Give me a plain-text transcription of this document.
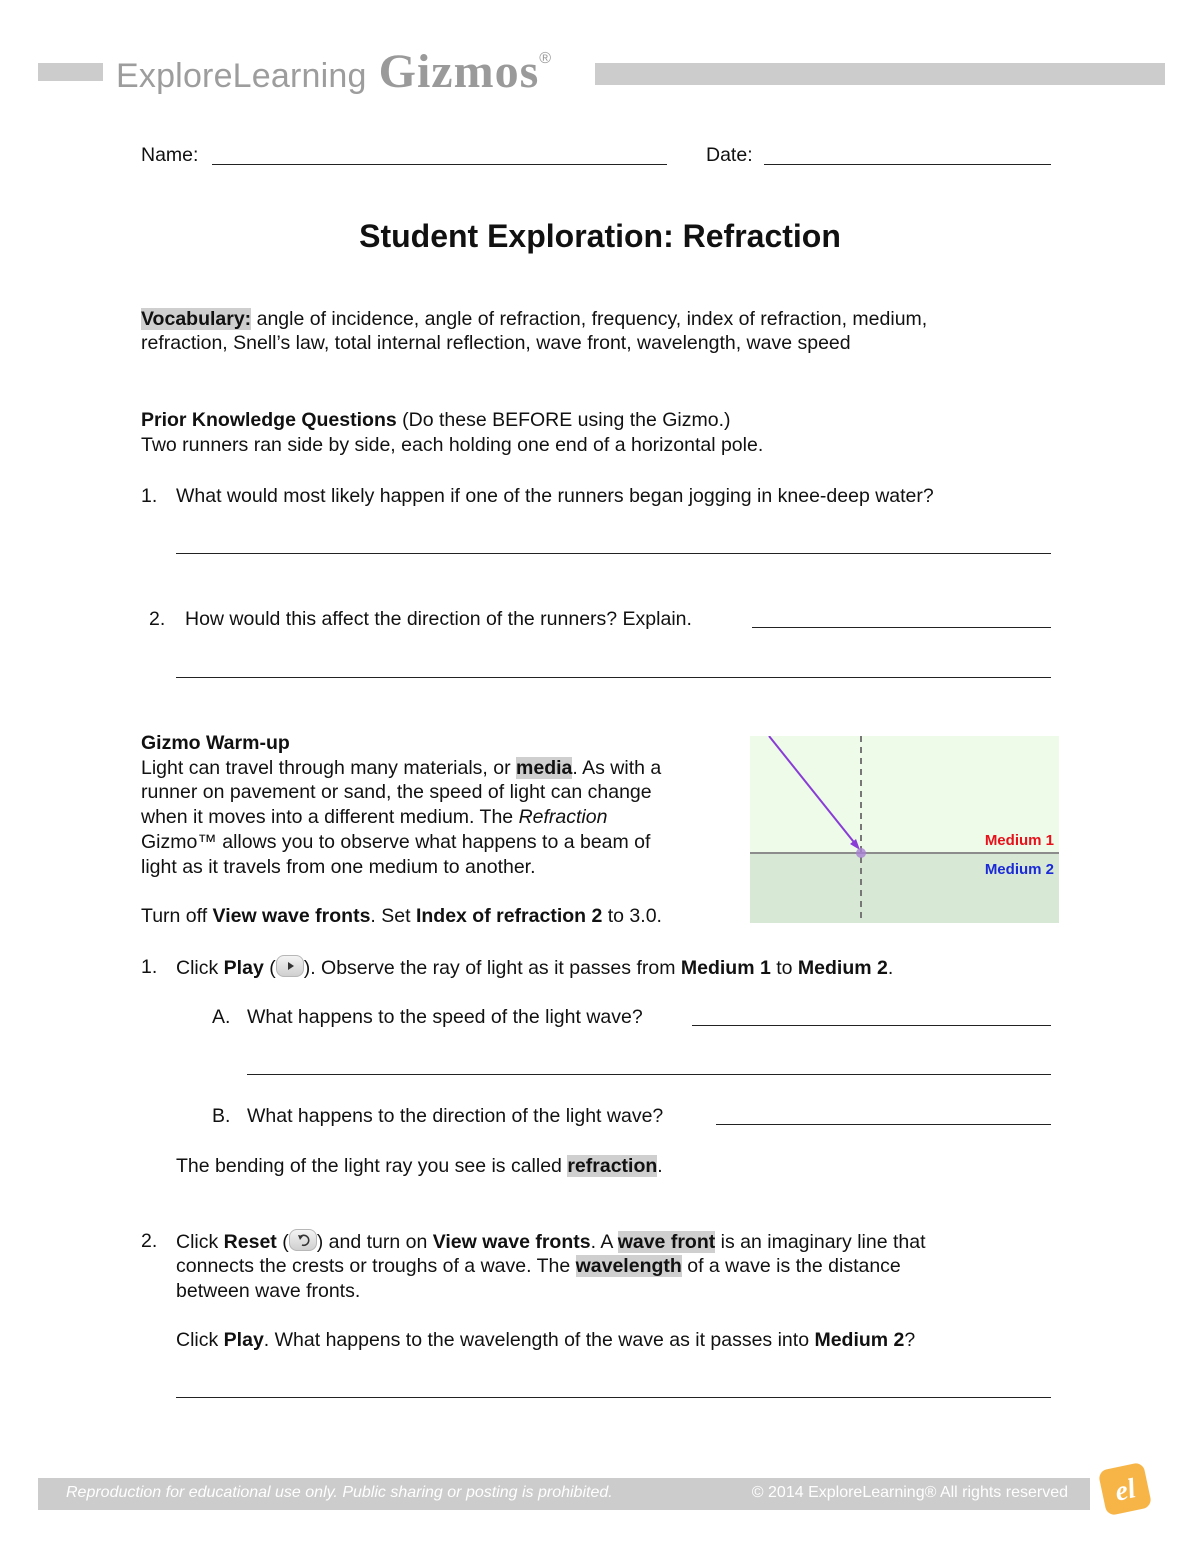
ExploreLearning Gizmos ®
Name:	Date:
Student Exploration: Refraction
Vocabulary: angle of incidence, angle of refraction, frequency, index of refraction, medium,
refraction, Snell’s law, total internal reflection, wave front, wavelength, wave speed
Prior Knowledge Questions (Do these BEFORE using the Gizmo.)
Two runners ran side by side, each holding one end of a horizontal pole.
1. What would most likely happen if one of the runners began jogging in knee-deep water?
2. How would this affect the direction of the runners? Explain.
Gizmo Warm-up
Light can travel through many materials, or media. As with a
runner on pavement or sand, the speed of light can change
when it moves into a different medium. The Refraction
Gizmo™ allows you to observe what happens to a beam of
light as it travels from one medium to another.
Turn off View wave fronts. Set Index of refraction 2 to 3.0.
Medium 1
Medium 2
1. Click Play ( ). Observe the ray of light as it passes from Medium 1 to Medium 2.
A. What happens to the speed of the light wave?
B. What happens to the direction of the light wave?
The bending of the light ray you see is called refraction.
2. Click Reset ( ) and turn on View wave fronts. A wave front is an imaginary line that
connects the crests or troughs of a wave. The wavelength of a wave is the distance
between wave fronts.
Click Play. What happens to the wavelength of the wave as it passes into Medium 2?
Reproduction for educational use only. Public sharing or posting is prohibited.	© 2014 ExploreLearning® All rights reserved el
